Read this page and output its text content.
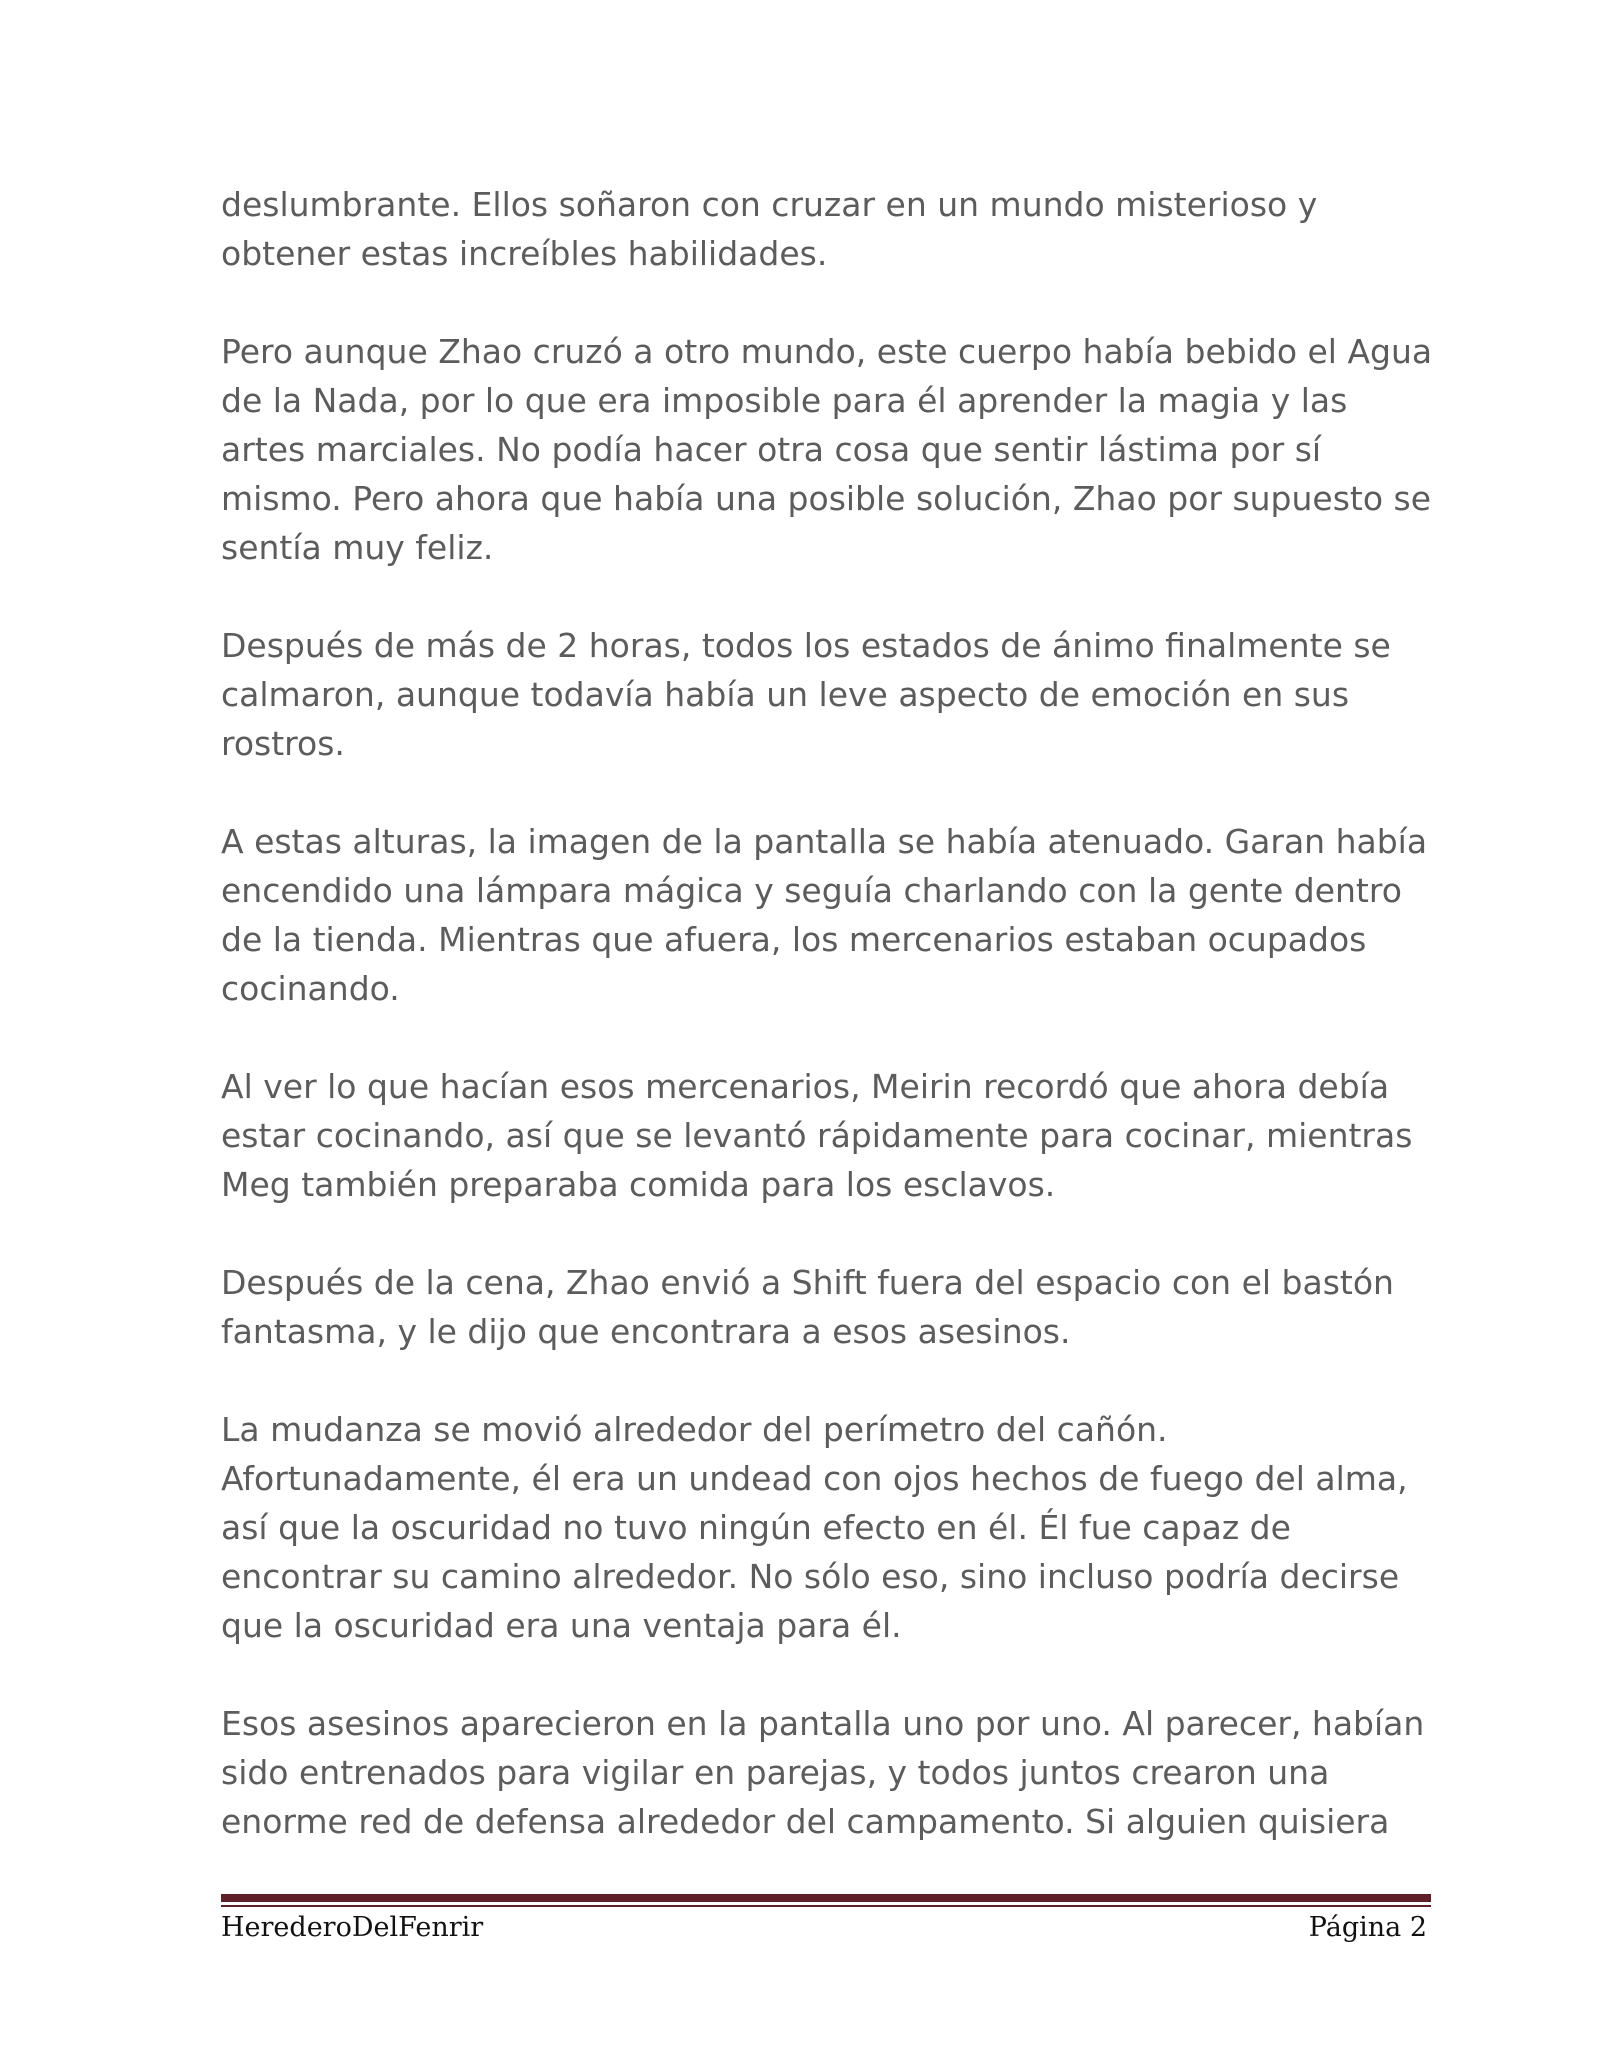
deslumbrante. Ellos soñaron con cruzar en un mundo misterioso y
obtener estas increíbles habilidades.

Pero aunque Zhao cruzó a otro mundo, este cuerpo había bebido el Agua
de la Nada, por lo que era imposible para él aprender la magia y las
artes marciales. No podía hacer otra cosa que sentir lástima por sí
mismo. Pero ahora que había una posible solución, Zhao por supuesto se
sentía muy feliz.

Después de más de 2 horas, todos los estados de ánimo finalmente se
calmaron, aunque todavía había un leve aspecto de emoción en sus
rostros.

A estas alturas, la imagen de la pantalla se había atenuado. Garan había
encendido una lámpara mágica y seguía charlando con la gente dentro
de la tienda. Mientras que afuera, los mercenarios estaban ocupados
cocinando.

Al ver lo que hacían esos mercenarios, Meirin recordó que ahora debía
estar cocinando, así que se levantó rápidamente para cocinar, mientras
Meg también preparaba comida para los esclavos.

Después de la cena, Zhao envió a Shift fuera del espacio con el bastón
fantasma, y le dijo que encontrara a esos asesinos.

La mudanza se movió alrededor del perímetro del cañón.
Afortunadamente, él era un undead con ojos hechos de fuego del alma,
así que la oscuridad no tuvo ningún efecto en él. Él fue capaz de
encontrar su camino alrededor. No sólo eso, sino incluso podría decirse
que la oscuridad era una ventaja para él.

Esos asesinos aparecieron en la pantalla uno por uno. Al parecer, habían
sido entrenados para vigilar en parejas, y todos juntos crearon una
enorme red de defensa alrededor del campamento. Si alguien quisiera

HerederoDelFenrir	Página 2
